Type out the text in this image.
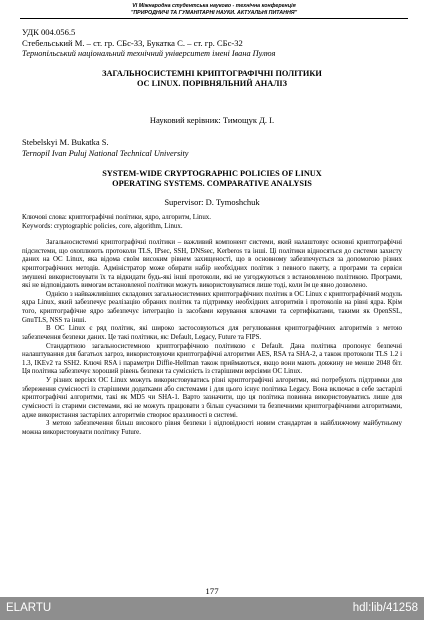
VI Міжнародна студентська науково - технічна конференція
"ПРИРОДНИЧІ ТА ГУМАНІТАРНІ НАУКИ. АКТУАЛЬНІ ПИТАННЯ"
УДК 004.056.5
Стебельський М. – ст. гр. СБс-33, Букатка С. – ст. гр. СБс-32
Тернопільський національний технічний університет імені Івана Пулюя
ЗАГАЛЬНОСИСТЕМНІ КРИПТОГРАФІЧНІ ПОЛІТИКИ
ОС LINUX. ПОРІВНЯЛЬНИЙ АНАЛІЗ
Науковий керівник: Тимощук Д. І.
Stebelskyi M. Bukatka S.
Ternopil Ivan Puluj National Technical University
SYSTEM-WIDE CRYPTOGRAPHIC POLICIES OF LINUX
OPERATING SYSTEMS. COMPARATIVE ANALYSIS
Supervisor: D. Tymoshchuk
Ключові слова: криптографічні політики, ядро, алгоритм, Linux.
Keywords: cryptographic policies, core, algorithm, Linux.

Загальносистемні криптографічні політики – важливий компонент системи, який налаштовує основні криптографічні підсистеми, що охоплюють протоколи TLS, IPsec, SSH, DNSsec, Kerberos та інші. Ці політики відносяться до системи захисту даних на ОС Linux, яка відома своїм високим рівнем захищеності, що в основному забезпечується за допомогою різних криптографічних методів. Адміністратор може обирати набір необхідних політик з певного пакету, а програми та сервіси змушені використовувати їх та відкидати будь-які інші протоколи, які не узгоджуються з встановленою політикою. Програми, які не відповідають вимогам встановленої політики можуть використовуватися лише тоді, коли їм це явно дозволено.

Однією з найважливіших складових загальносистемних криптографічних політик в ОС Linux є криптографічний модуль ядра Linux, який забезпечує реалізацію обраних політик та підтримку необхідних алгоритмів і протоколів на рівні ядра. Крім того, криптографічне ядро забезпечує інтеграцію із засобами керування ключами та сертифікатами, такими як OpenSSL, GnuTLS, NSS та інші.

В ОС Linux є ряд політик, які широко застосовуються для регулювання криптографічних алгоритмів з метою забезпечення безпеки даних. Це такі політики, як: Default, Legacy, Future та FIPS.

Стандартною загальносистемною криптографічною політикою є Default. Дана політика пропонує безпечні налаштування для багатьох загроз, використовуючи криптографічні алгоритми AES, RSA та SHA-2, а також протоколи TLS 1.2 і 1.3, IKEv2 та SSH2. Ключі RSA і параметри Diffie-Hellman також приймаються, якщо вони мають довжину не менше 2048 біт. Ця політика забезпечує хороший рівень безпеки та сумісність із старішими версіями ОС Linux.

У різних версіях ОС Linux можуть використовуватись різні криптографічні алгоритми, які потребують підтримки для збереження сумісності із старішими додатками або системами і для цього існує політика Legacy. Вона включає в себе застарілі криптографічні алгоритми, такі як MD5 чи SHA-1. Варто зазначити, що ця політика повинна використовуватись лише для сумісності із старими системами, які не можуть працювати з більш сучасними та безпечними криптографічними алгоритмами, адже використання застарілих алгоритмів створює вразливості в системі.

З метою забезпечення більш високого рівня безпеки і відповідності новим стандартам в найближчому майбутньому можна використовувати політику Future.

177
ELARTU	hdl:lib/41258
